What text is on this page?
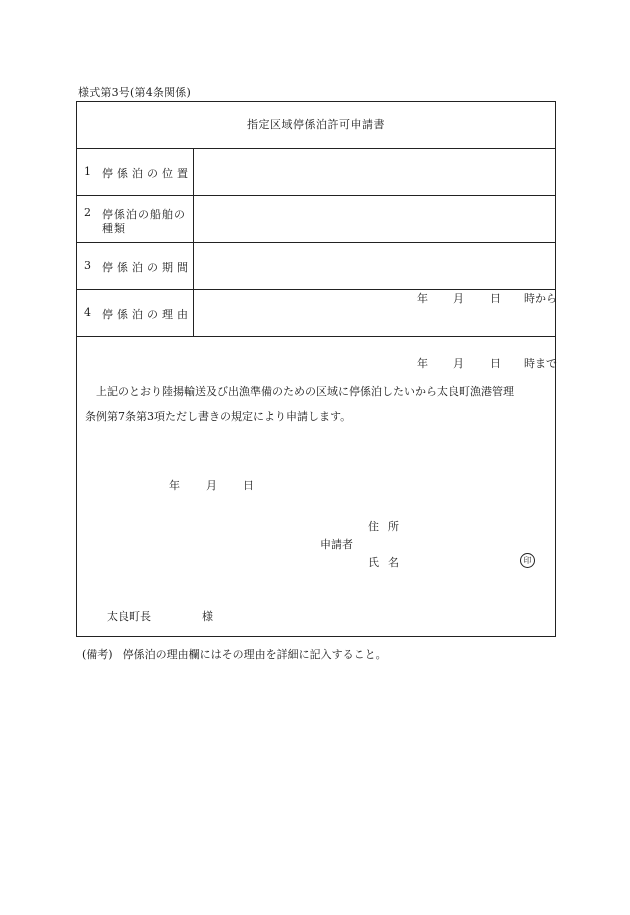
様式第3号(第4条関係)
指定区域停係泊許可申請書
1 停係泊の位置
2 停係泊の船舶の
種類
3 停係泊の期間

年 月 日 時から

年 月 日 時まで

4 停係泊の理由
上記のとおり陸揚輸送及び出漁準備のための区域に停係泊したいから太良町漁港管理
条例第7条第3項ただし書きの規定により申請します。

年 月 日

住所
申請者
氏名	印
太良町長	様
(備考) 停係泊の理由欄にはその理由を詳細に記入すること。
